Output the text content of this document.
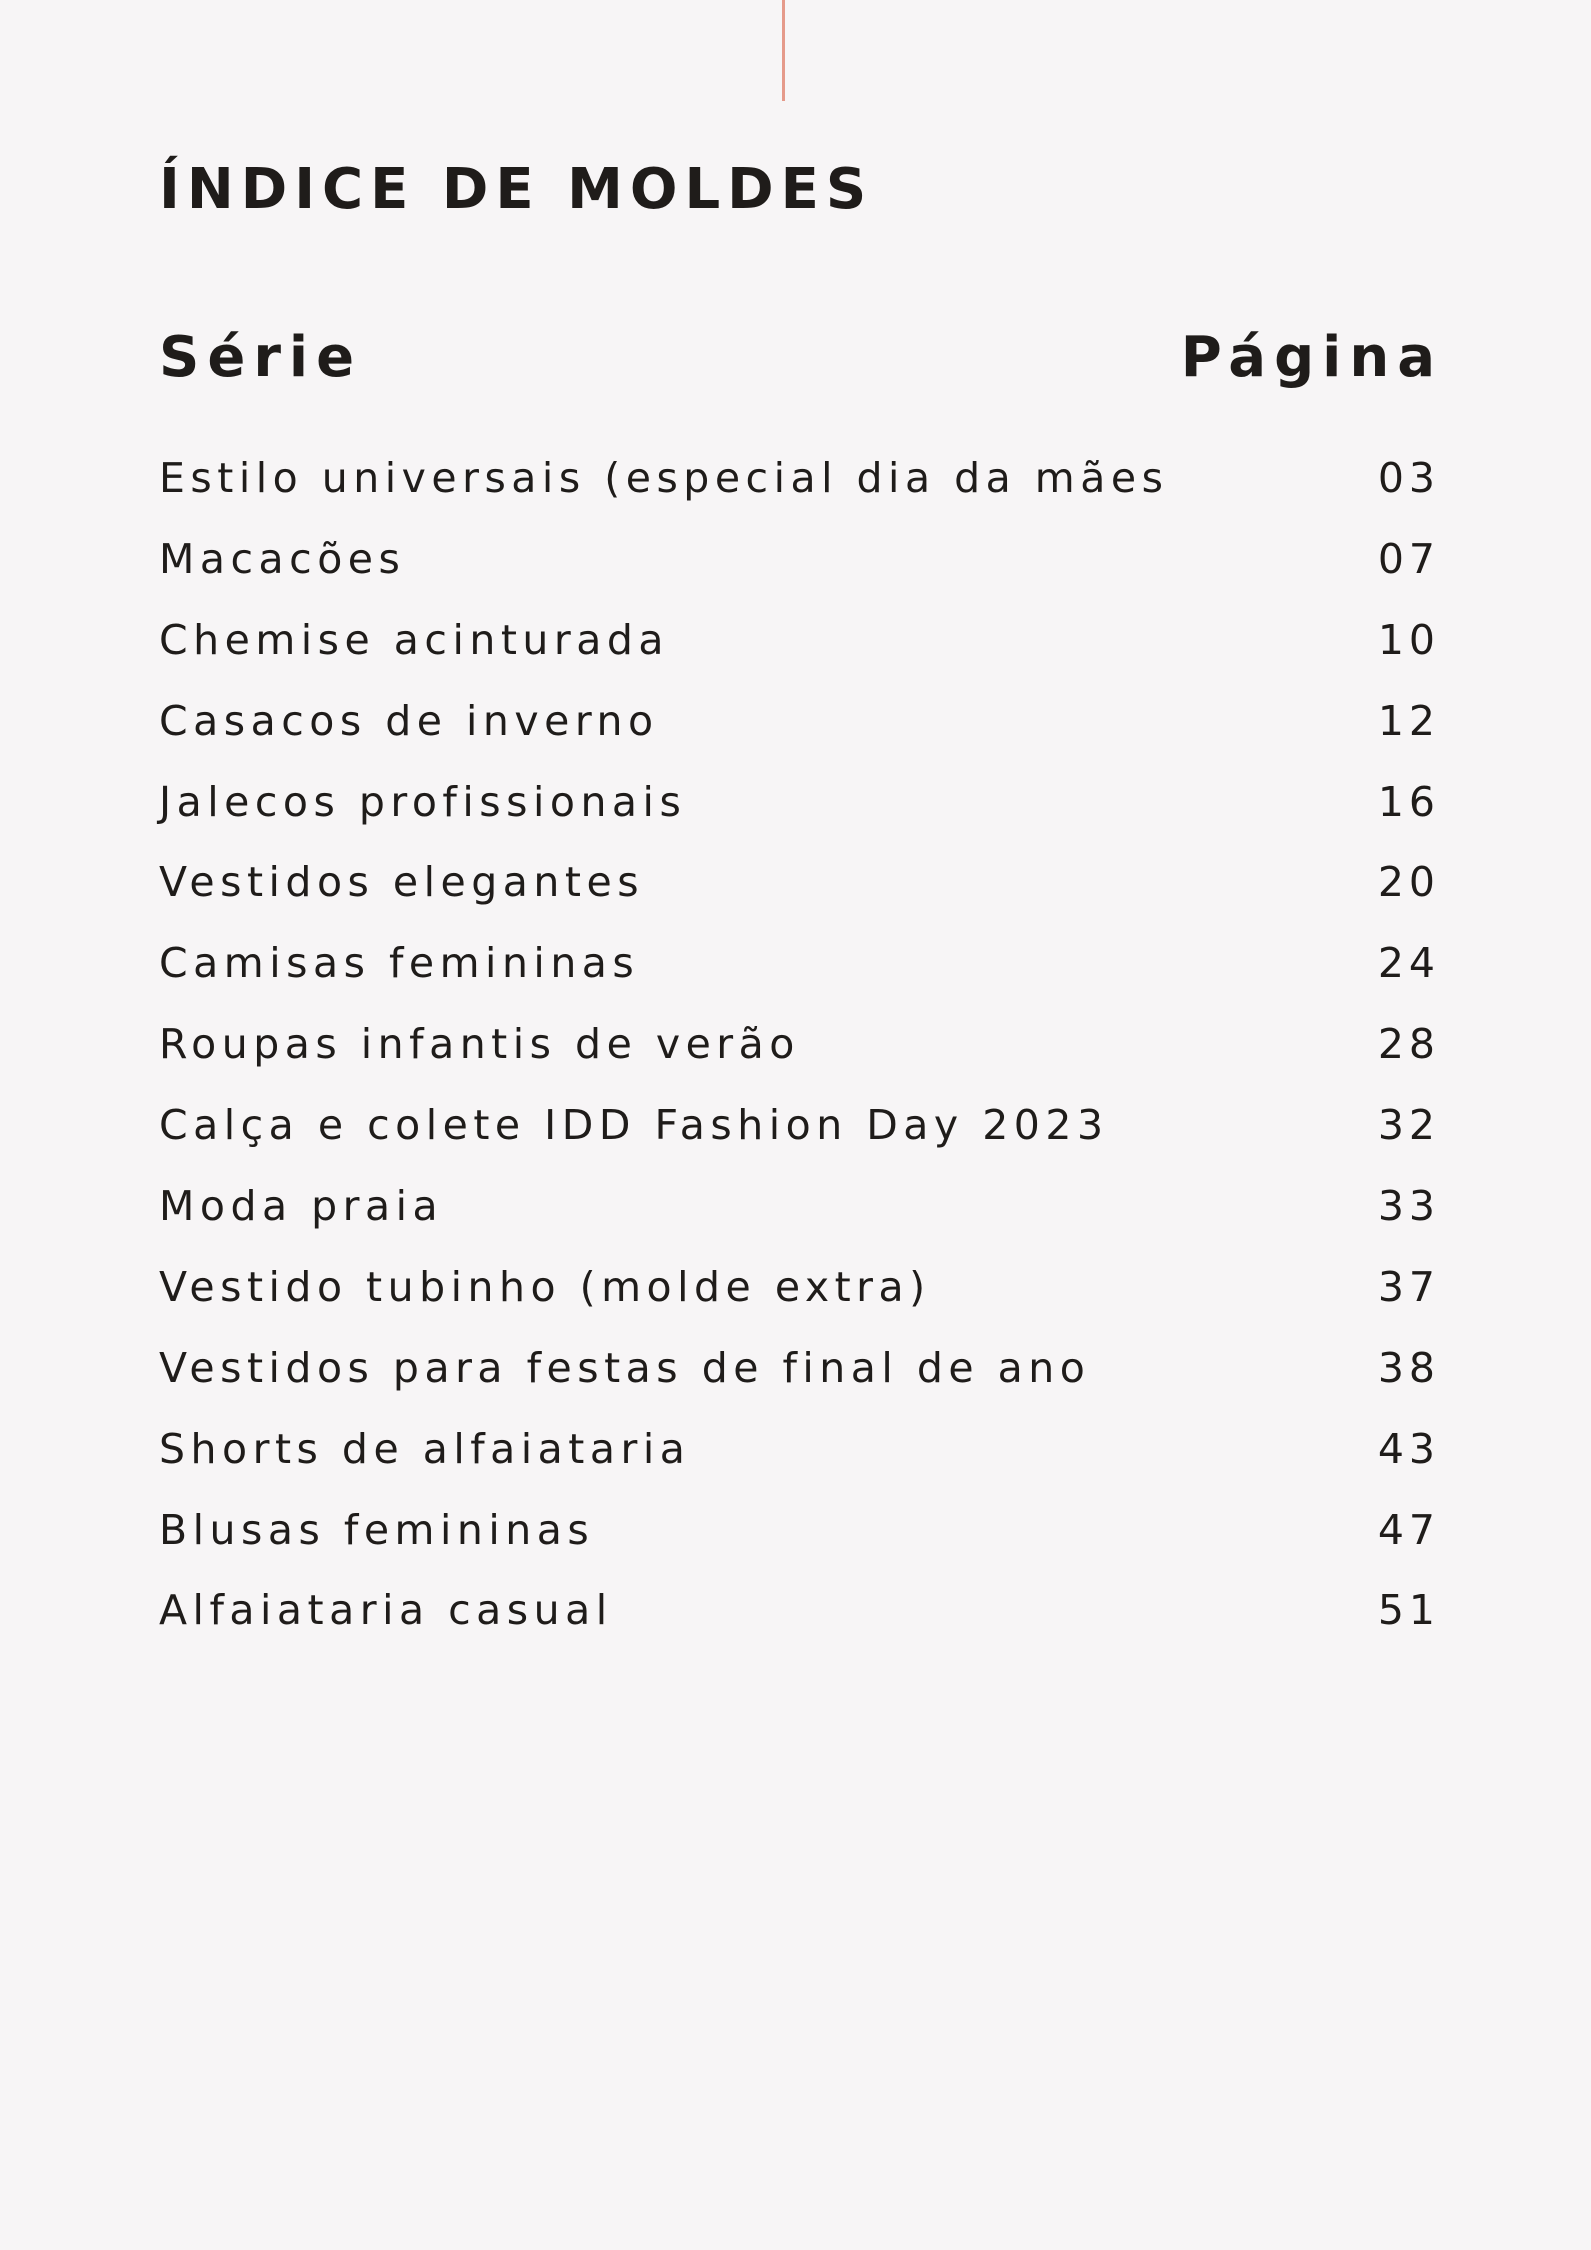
ÍNDICE DE MOLDES
Série	Página
Estilo universais (especial dia da mães	03
Macacões	07
Chemise acinturada	10
Casacos de inverno	12
Jalecos profissionais	16
Vestidos elegantes	20
Camisas femininas	24
Roupas infantis de verão	28
Calça e colete IDD Fashion Day 2023	32
Moda praia	33
Vestido tubinho (molde extra)	37
Vestidos para festas de final de ano	38
Shorts de alfaiataria	43
Blusas femininas	47
Alfaiataria casual	51
